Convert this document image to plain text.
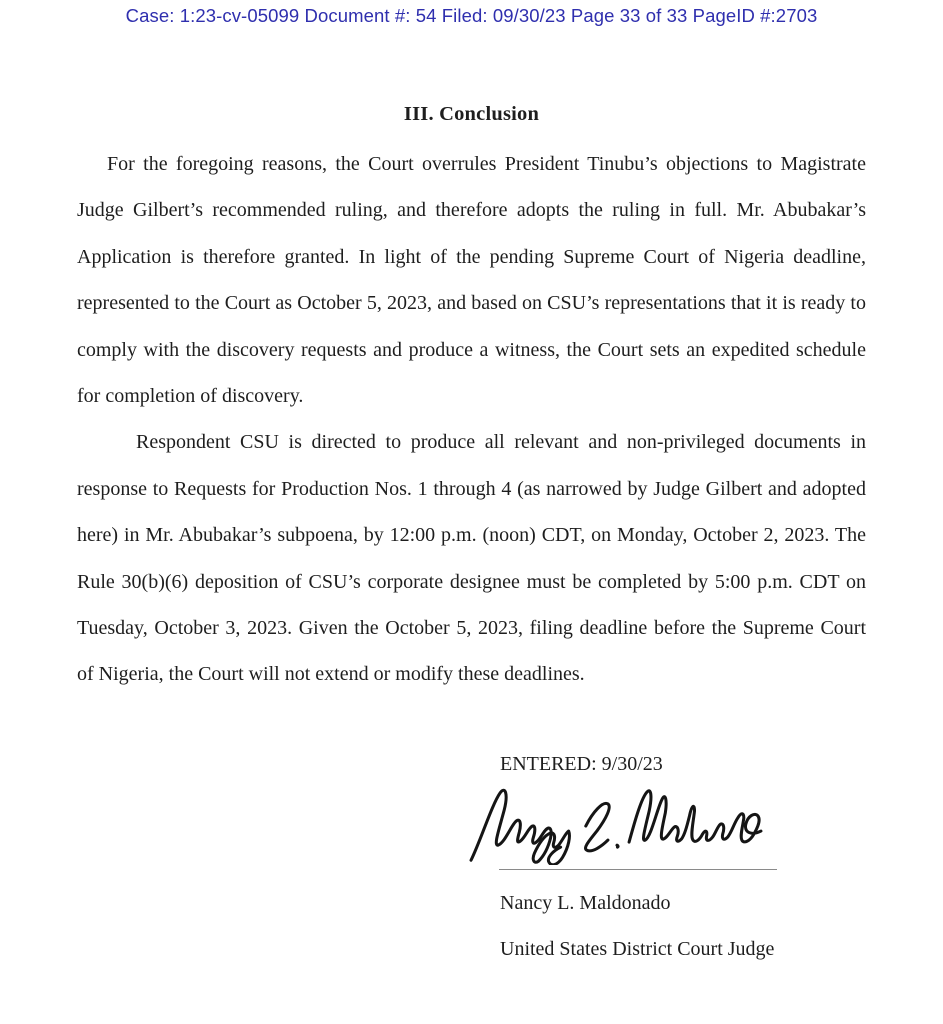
Case: 1:23-cv-05099 Document #: 54 Filed: 09/30/23 Page 33 of 33 PageID #:2703
III. Conclusion
For the foregoing reasons, the Court overrules President Tinubu’s objections to Magistrate
Judge Gilbert’s recommended ruling, and therefore adopts the ruling in full. Mr. Abubakar’s
Application is therefore granted. In light of the pending Supreme Court of Nigeria deadline,
represented to the Court as October 5, 2023, and based on CSU’s representations that it is ready to
comply with the discovery requests and produce a witness, the Court sets an expedited schedule
for completion of discovery.
Respondent CSU is directed to produce all relevant and non-privileged documents in
response to Requests for Production Nos. 1 through 4 (as narrowed by Judge Gilbert and adopted
here) in Mr. Abubakar’s subpoena, by 12:00 p.m. (noon) CDT, on Monday, October 2, 2023. The
Rule 30(b)(6) deposition of CSU’s corporate designee must be completed by 5:00 p.m. CDT on
Tuesday, October 3, 2023. Given the October 5, 2023, filing deadline before the Supreme Court
of Nigeria, the Court will not extend or modify these deadlines.
ENTERED: 9/30/23
Nancy L. Maldonado
United States District Court Judge
